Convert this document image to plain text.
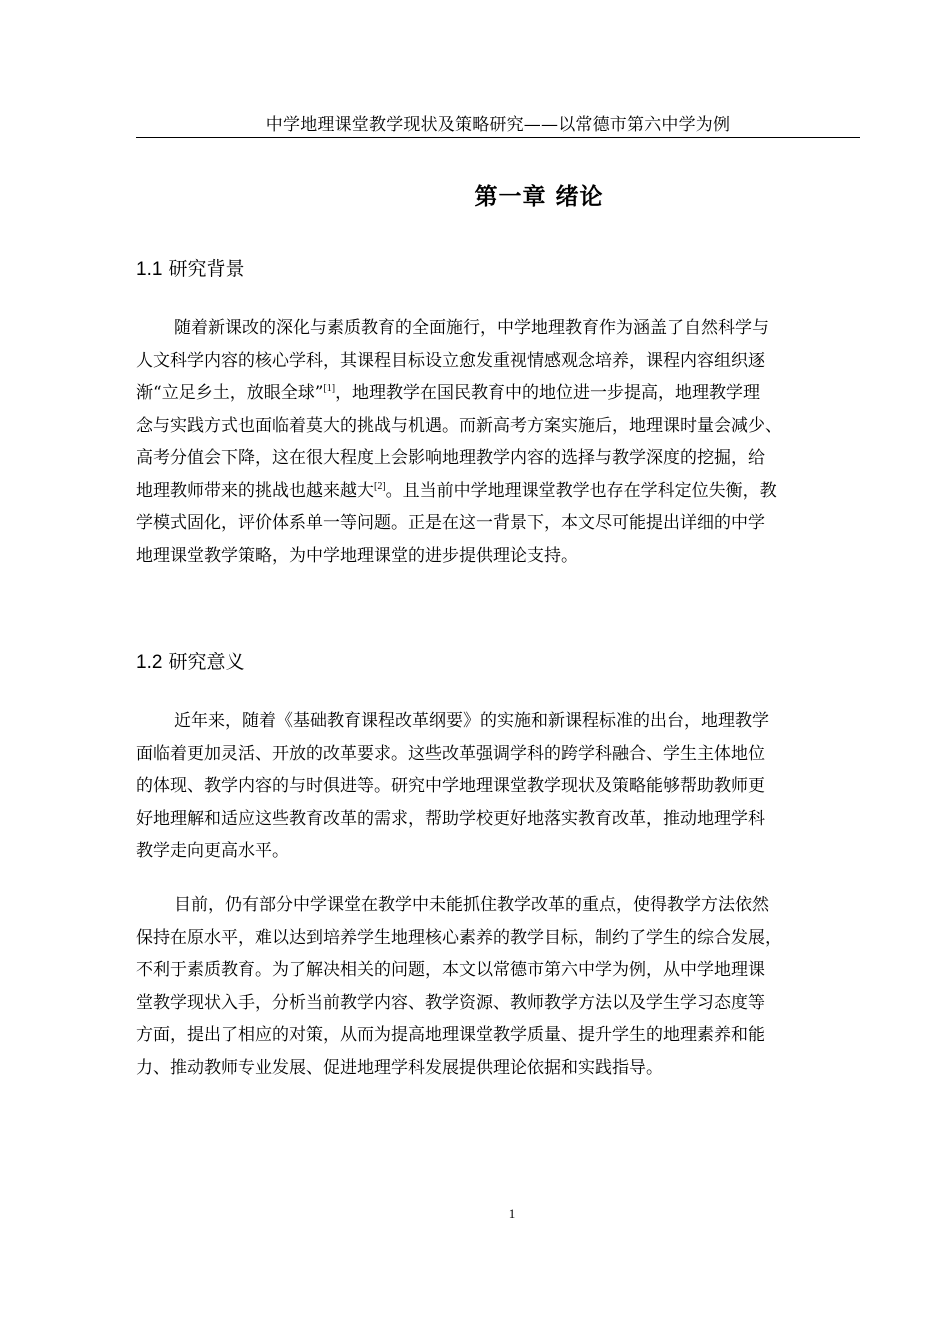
中学地理课堂教学现状及策略研究——以常德市第六中学为例
第一章 绪论
1.1 研究背景
随着新课改的深化与素质教育的全面施行，中学地理教育作为涵盖了自然科学与
人文科学内容的核心学科，其课程目标设立愈发重视情感观念培养，课程内容组织逐
渐“立足乡土，放眼全球”[1]，地理教学在国民教育中的地位进一步提高，地理教学理
念与实践方式也面临着莫大的挑战与机遇。而新高考方案实施后，地理课时量会减少、
高考分值会下降，这在很大程度上会影响地理教学内容的选择与教学深度的挖掘，给
地理教师带来的挑战也越来越大[2]。且当前中学地理课堂教学也存在学科定位失衡，教
学模式固化，评价体系单一等问题。正是在这一背景下，本文尽可能提出详细的中学
地理课堂教学策略，为中学地理课堂的进步提供理论支持。
1.2 研究意义
近年来，随着《基础教育课程改革纲要》的实施和新课程标准的出台，地理教学
面临着更加灵活、开放的改革要求。这些改革强调学科的跨学科融合、学生主体地位
的体现、教学内容的与时俱进等。研究中学地理课堂教学现状及策略能够帮助教师更
好地理解和适应这些教育改革的需求，帮助学校更好地落实教育改革，推动地理学科
教学走向更高水平。
目前，仍有部分中学课堂在教学中未能抓住教学改革的重点，使得教学方法依然
保持在原水平，难以达到培养学生地理核心素养的教学目标，制约了学生的综合发展，
不利于素质教育。为了解决相关的问题，本文以常德市第六中学为例，从中学地理课
堂教学现状入手，分析当前教学内容、教学资源、教师教学方法以及学生学习态度等
方面，提出了相应的对策，从而为提高地理课堂教学质量、提升学生的地理素养和能
力、推动教师专业发展、促进地理学科发展提供理论依据和实践指导。
1
